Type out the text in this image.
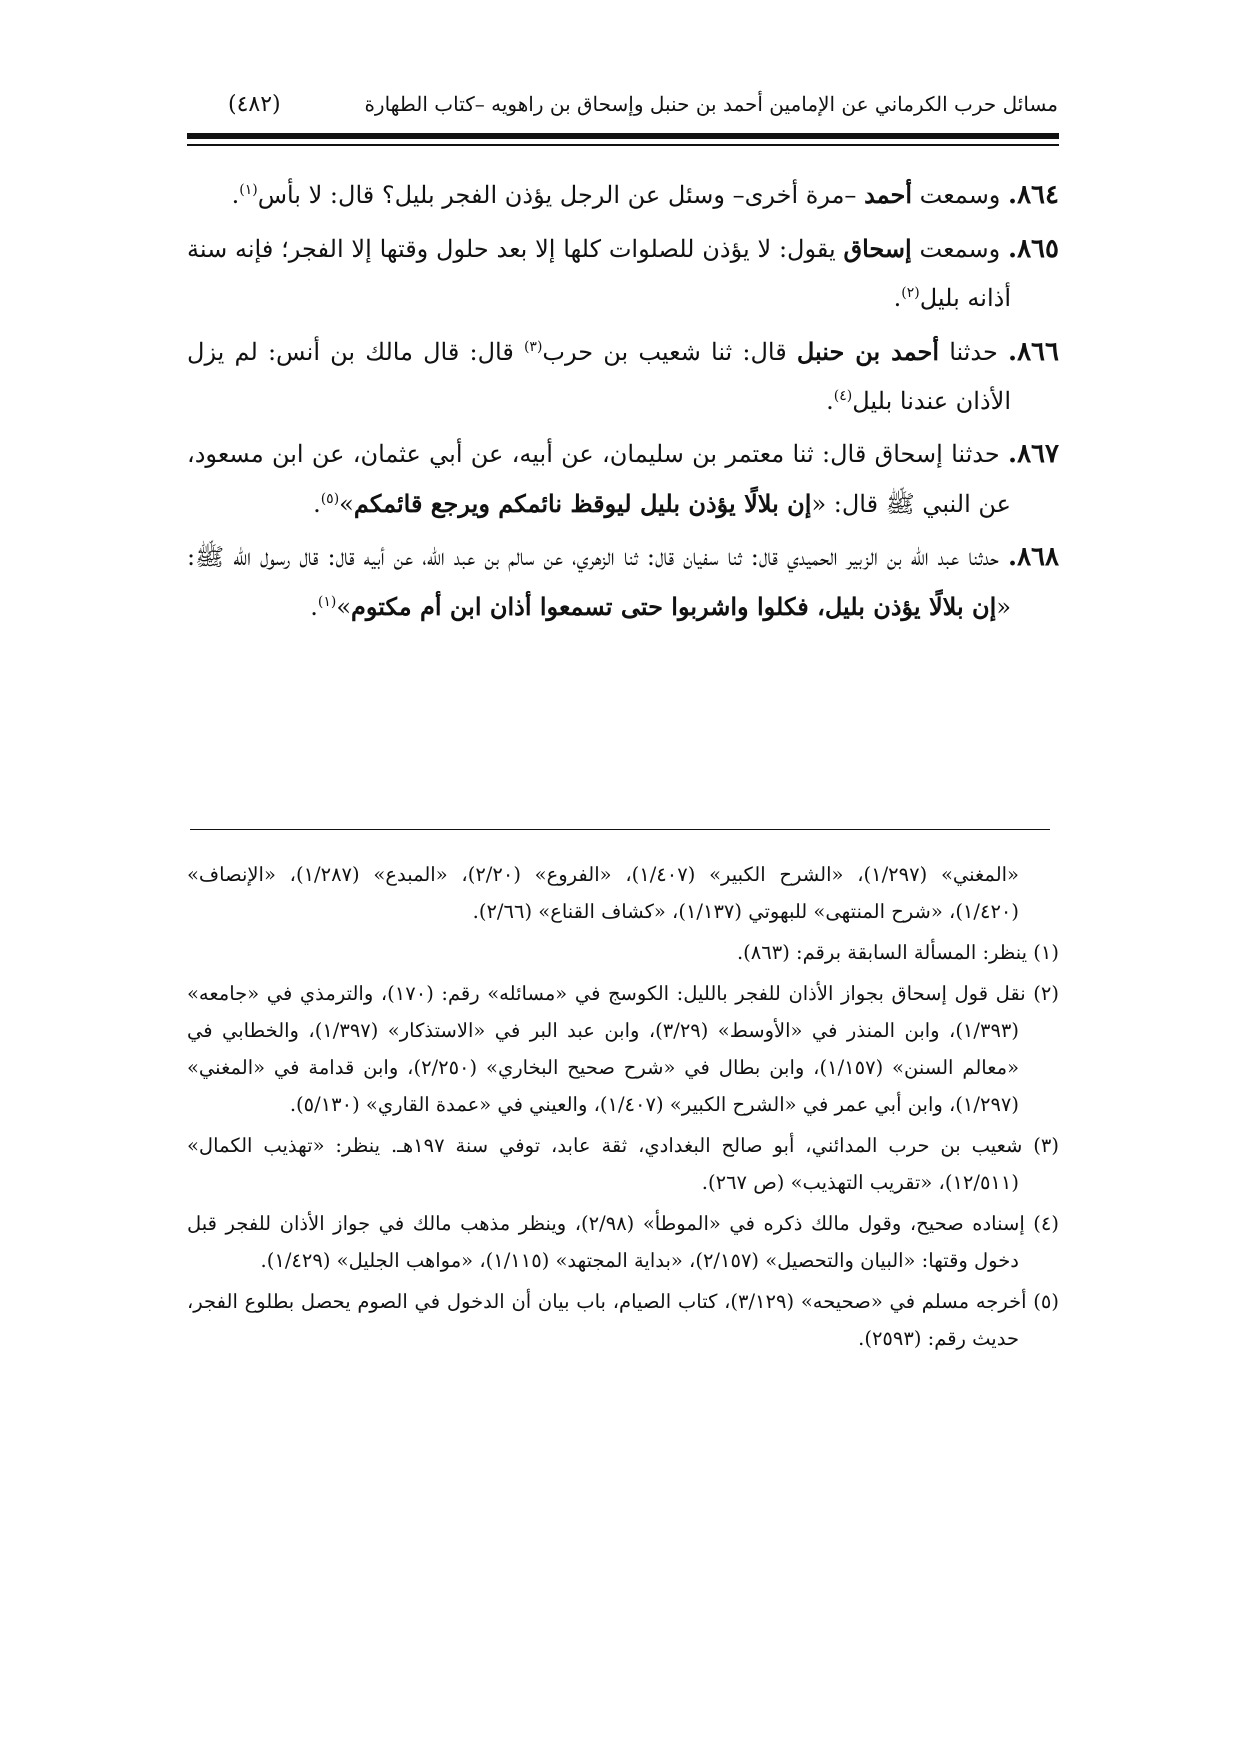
مسائل حرب الكرماني عن الإمامين أحمد بن حنبل وإسحاق بن راهويه –كتاب الطهارة
(٤٨٢)

٨٦٤. وسمعت أحمد –مرة أخرى– وسئل عن الرجل يؤذن الفجر بليل؟ قال: لا بأس$^{(١)}$.

٨٦٥. وسمعت إسحاق يقول: لا يؤذن للصلوات كلها إلا بعد حلول وقتها إلا الفجر؛ فإنه سنة أذانه بليل$^{(٢)}$.

٨٦٦. حدثنا أحمد بن حنبل قال: ثنا شعيب بن حرب$^{(٣)}$ قال: قال مالك بن أنس: لم يزل الأذان عندنا بليل$^{(٤)}$.

٨٦٧. حدثنا إسحاق قال: ثنا معتمر بن سليمان، عن أبيه، عن أبي عثمان، عن ابن مسعود، عن النبي ﷺ قال: «إن بلالًا يؤذن بليل ليوقظ نائمكم ويرجع قائمكم»$^{(٥)}$.

٨٦٨. حدثنا عبد الله بن الزبير الحميدي قال: ثنا سفيان قال: ثنا الزهري، عن سالم بن عبد الله، عن أبيه قال: قال رسول الله ﷺ: «إن بلالًا يؤذن بليل، فكلوا واشربوا حتى تسمعوا أذان ابن أم مكتوم»$^{(١)}$.

«المغني» (١/٢٩٧)، «الشرح الكبير» (١/٤٠٧)، «الفروع» (٢/٢٠)، «المبدع» (١/٢٨٧)، «الإنصاف» (١/٤٢٠)، «شرح المنتهى» للبهوتي (١/١٣٧)، «كشاف القناع» (٢/٦٦).

(١) ينظر: المسألة السابقة برقم: (٨٦٣).

(٢) نقل قول إسحاق بجواز الأذان للفجر بالليل: الكوسج في «مسائله» رقم: (١٧٠)، والترمذي في «جامعه» (١/٣٩٣)، وابن المنذر في «الأوسط» (٣/٢٩)، وابن عبد البر في «الاستذكار» (١/٣٩٧)، والخطابي في «معالم السنن» (١/١٥٧)، وابن بطال في «شرح صحيح البخاري» (٢/٢٥٠)، وابن قدامة في «المغني» (١/٢٩٧)، وابن أبي عمر في «الشرح الكبير» (١/٤٠٧)، والعيني في «عمدة القاري» (٥/١٣٠).

(٣) شعيب بن حرب المدائني، أبو صالح البغدادي، ثقة عابد، توفي سنة ١٩٧هـ. ينظر: «تهذيب الكمال» (١٢/٥١١)، «تقريب التهذيب» (ص ٢٦٧).

(٤) إسناده صحيح، وقول مالك ذكره في «الموطأ» (٢/٩٨)، وينظر مذهب مالك في جواز الأذان للفجر قبل دخول وقتها: «البيان والتحصيل» (٢/١٥٧)، «بداية المجتهد» (١/١١٥)، «مواهب الجليل» (١/٤٢٩).

(٥) أخرجه مسلم في «صحيحه» (٣/١٢٩)، كتاب الصيام، باب بيان أن الدخول في الصوم يحصل بطلوع الفجر، حديث رقم: (٢٥٩٣).
